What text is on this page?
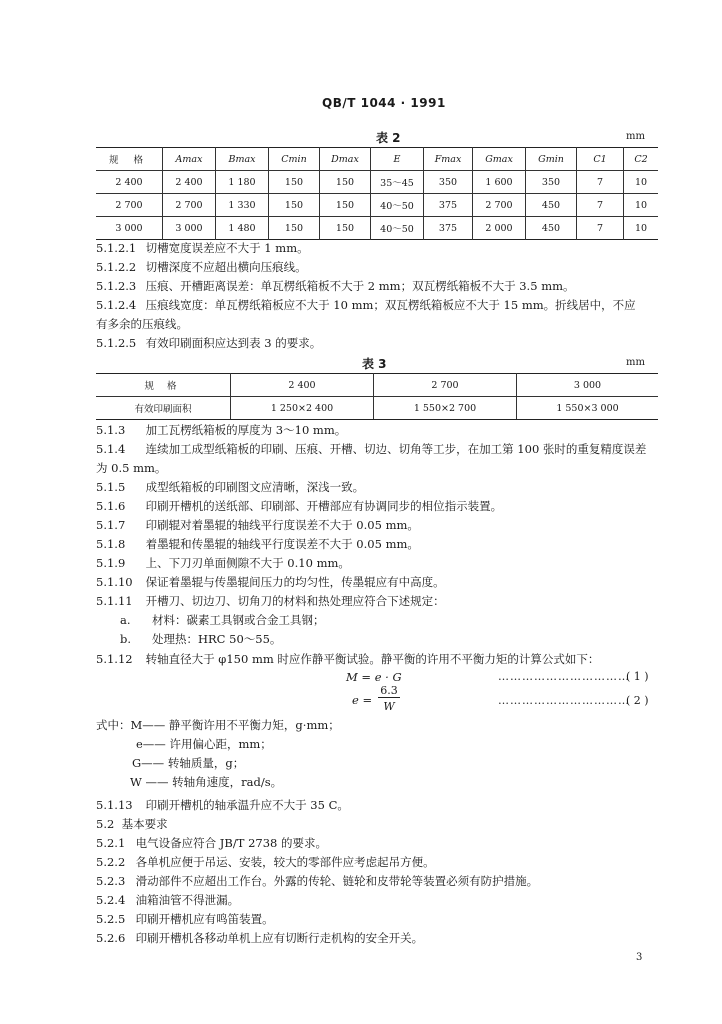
QB/T 1044 · 1991
表 2	mm
规 格	Amax	Bmax	Cmin	Dmax	E	Fmax	Gmax	Gmin	C1	C2
2 400	2 400	1 180	150	150	35～45	350	1 600	350	7	10
2 700	2 700	1 330	150	150	40～50	375	2 700	450	7	10
3 000	3 000	1 480	150	150	40～50	375	2 000	450	7	10
5.1.2.1 切槽宽度误差应不大于 1 mm。
5.1.2.2 切槽深度不应超出横向压痕线。
5.1.2.3 压痕、开槽距离误差：单瓦楞纸箱板不大于 2 mm；双瓦楞纸箱板不大于 3.5 mm。
5.1.2.4 压痕线宽度：单瓦楞纸箱板应不大于 10 mm；双瓦楞纸箱板应不大于 15 mm。折线居中，不应
有多余的压痕线。
5.1.2.5 有效印刷面积应达到表 3 的要求。
表 3	mm
规 格	2 400	2 700	3 000
有效印刷面积	1 250×2 400	1 550×2 700	1 550×3 000
5.1.3 加工瓦楞纸箱板的厚度为 3～10 mm。
5.1.4 连续加工成型纸箱板的印刷、压痕、开槽、切边、切角等工步，在加工第 100 张时的重复精度误差
为 0.5 mm。
5.1.5 成型纸箱板的印刷图文应清晰，深浅一致。
5.1.6 印刷开槽机的送纸部、印刷部、开槽部应有协调同步的相位指示装置。
5.1.7 印刷辊对着墨辊的轴线平行度误差不大于 0.05 mm。
5.1.8 着墨辊和传墨辊的轴线平行度误差不大于 0.05 mm。
5.1.9 上、下刀刃单面侧隙不大于 0.10 mm。
5.1.10 保证着墨辊与传墨辊间压力的均匀性，传墨辊应有中高度。
5.1.11 开槽刀、切边刀、切角刀的材料和热处理应符合下述规定：
a. 材料：碳素工具钢或合金工具钢；
b. 处理热：HRC 50～55。
5.1.12 转轴直径大于 φ150 mm 时应作静平衡试验。静平衡的许用不平衡力矩的计算公式如下：
M = e · G	……………………………
( 1 )
e =
6.3
W	……………………………
( 2 )
式中：M—— 静平衡许用不平衡力矩，g·mm；
e—— 许用偏心距，mm；
G—— 转轴质量，g；
W —— 转轴角速度，rad/s。
5.1.13 印刷开槽机的轴承温升应不大于 35 C。
5.2 基本要求
5.2.1 电气设备应符合 JB/T 2738 的要求。
5.2.2 各单机应便于吊运、安装，较大的零部件应考虑起吊方便。
5.2.3 滑动部件不应超出工作台。外露的传轮、链轮和皮带轮等装置必须有防护措施。
5.2.4 油箱油管不得泄漏。
5.2.5 印刷开槽机应有鸣笛装置。
5.2.6 印刷开槽机各移动单机上应有切断行走机构的安全开关。
3
